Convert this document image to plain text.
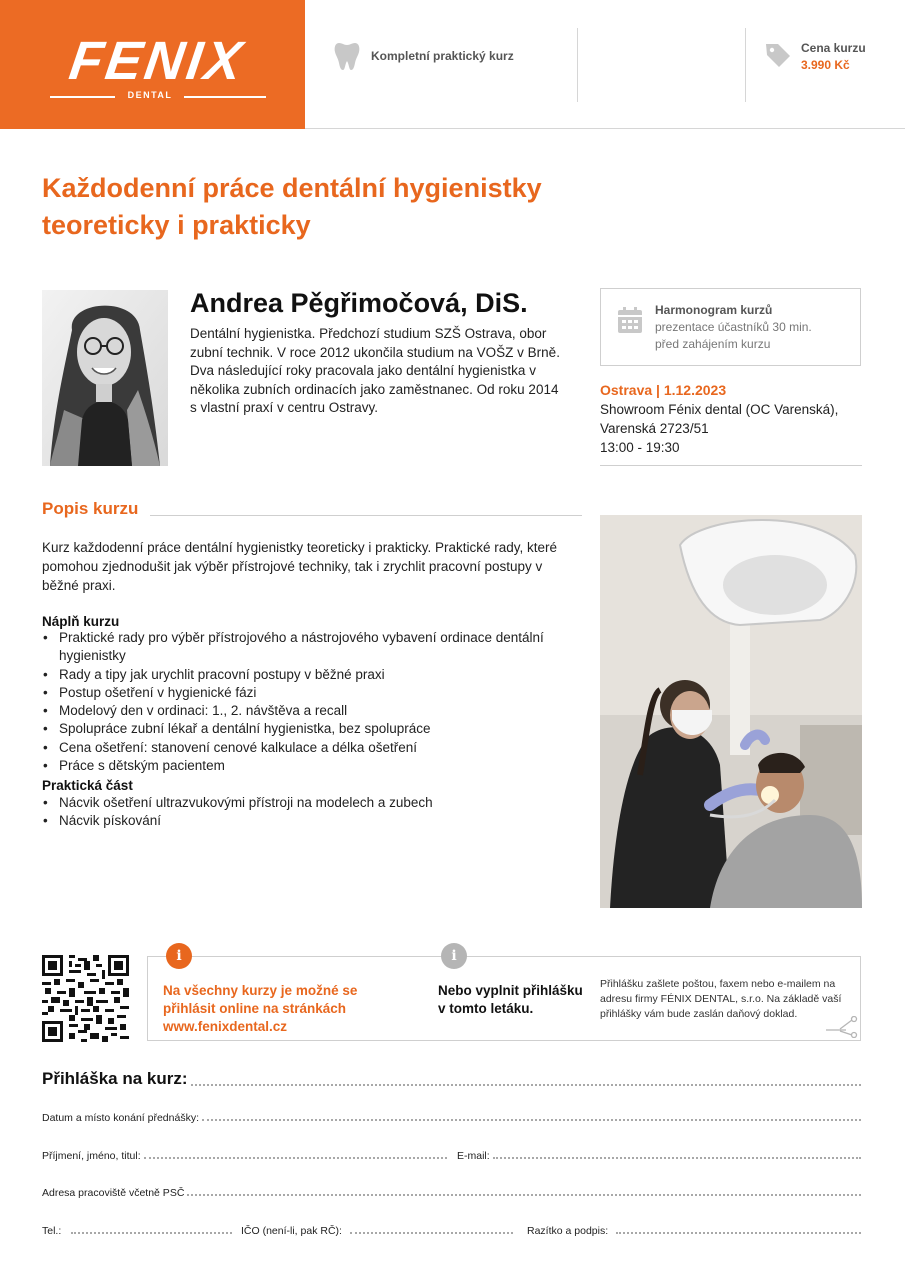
FENIX
DENTAL
Kompletní praktický kurz
Cena kurzu
3.990 Kč
Každodenní práce dentální hygienistky
teoreticky i prakticky
Andrea Pěgřimočová, DiS.
Dentální hygienistka. Předchozí studium SZŠ Ostrava, obor zubní technik. V roce 2012 ukončila studium na VOŠZ v Brně. Dva následující roky pracovala jako dentální hygienistka v několika zubních ordinacích jako zaměstnanec. Od roku 2014 s vlastní praxí v centru Ostravy.
Harmonogram kurzů
prezentace účastníků 30 min.
před zahájením kurzu
Ostrava | 1.12.2023
Showroom Fénix dental (OC Varenská),
Varenská 2723/51
13:00 - 19:30
Popis kurzu
Kurz každodenní práce dentální hygienistky teoreticky i prakticky. Praktické rady, které pomohou zjednodušit jak výběr přístrojové techniky, tak i zrychlit pracovní postupy v běžné praxi.
Náplň kurzu
• Praktické rady pro výběr přístrojového a nástrojového vybavení ordinace dentální hygienistky
• Rady a tipy jak urychlit pracovní postupy v běžné praxi
• Postup ošetření v hygienické fázi
• Modelový den v ordinaci: 1., 2. návštěva a recall
• Spolupráce zubní lékař a dentální hygienistka, bez spolupráce
• Cena ošetření: stanovení cenové kalkulace a délka ošetření
• Práce s dětským pacientem
Praktická část
• Nácvik ošetření ultrazvukovými přístroji na modelech a zubech
• Nácvik pískování
i	i
Na všechny kurzy je možné se přihlásit online na stránkách www.fenixdental.cz
Nebo vyplnit přihlášku v tomto letáku.
Přihlášku zašlete poštou, faxem nebo e-mailem na adresu firmy FÉNIX DENTAL, s.r.o. Na základě vaší přihlášky vám bude zaslán daňový doklad.
Přihláška na kurz:
Datum a místo konání přednášky:
Příjmení, jméno, titul:	E-mail:
Adresa pracoviště včetně PSČ
Tel.:	IČO (není-li, pak RČ):	Razítko a podpis:
